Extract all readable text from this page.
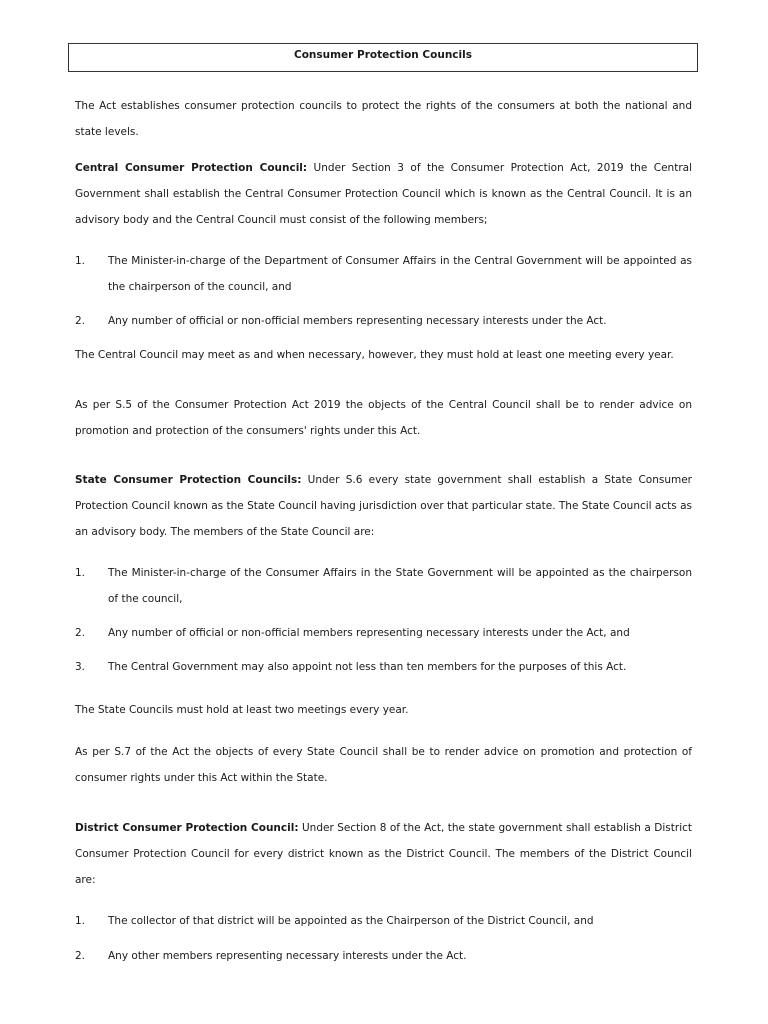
Consumer Protection Councils
The Act establishes consumer protection councils to protect the rights of the consumers at both the national and state levels.
Central Consumer Protection Council: Under Section 3 of the Consumer Protection Act, 2019 the Central Government shall establish the Central Consumer Protection Council which is known as the Central Council. It is an advisory body and the Central Council must consist of the following members;
1. The Minister-in-charge of the Department of Consumer Affairs in the Central Government will be appointed as the chairperson of the council, and
2. Any number of official or non-official members representing necessary interests under the Act.
The Central Council may meet as and when necessary, however, they must hold at least one meeting every year.
As per S.5 of the Consumer Protection Act 2019 the objects of the Central Council shall be to render advice on promotion and protection of the consumers' rights under this Act.
State Consumer Protection Councils: Under S.6 every state government shall establish a State Consumer Protection Council known as the State Council having jurisdiction over that particular state. The State Council acts as an advisory body. The members of the State Council are:
1. The Minister-in-charge of the Consumer Affairs in the State Government will be appointed as the chairperson of the council,
2. Any number of official or non-official members representing necessary interests under the Act, and
3. The Central Government may also appoint not less than ten members for the purposes of this Act.
The State Councils must hold at least two meetings every year.
As per S.7 of the Act the objects of every State Council shall be to render advice on promotion and protection of consumer rights under this Act within the State.
District Consumer Protection Council: Under Section 8 of the Act, the state government shall establish a District Consumer Protection Council for every district known as the District Council. The members of the District Council are:
1. The collector of that district will be appointed as the Chairperson of the District Council, and
2. Any other members representing necessary interests under the Act.
